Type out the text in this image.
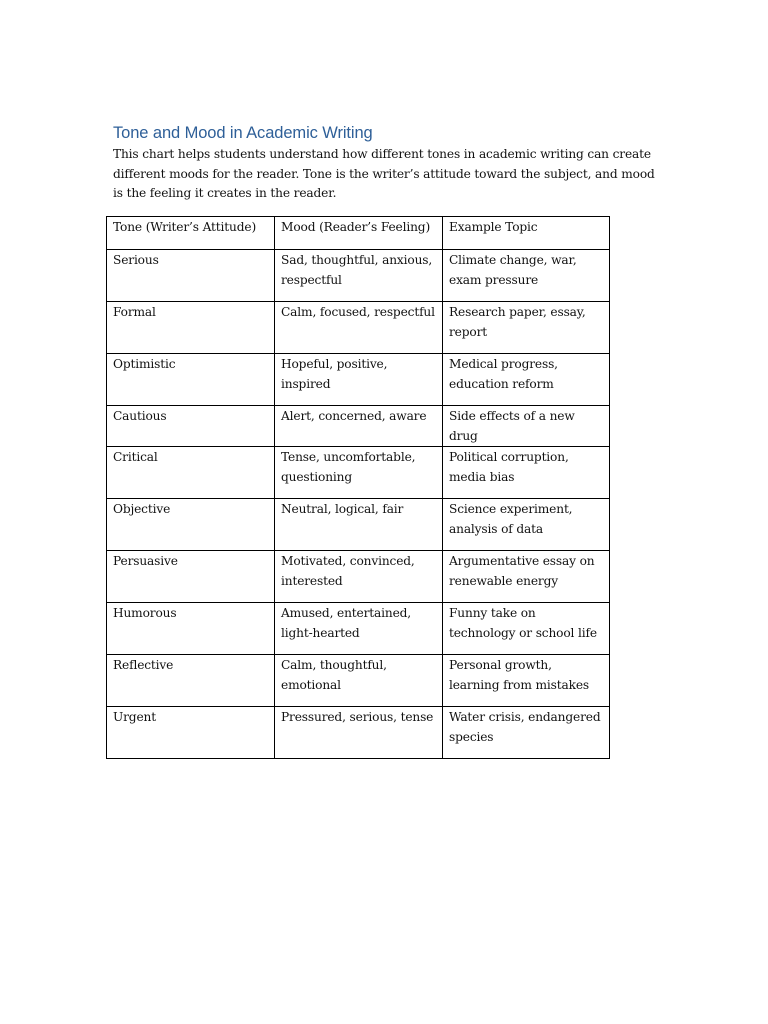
Tone and Mood in Academic Writing

This chart helps students understand how different tones in academic writing can create different moods for the reader. Tone is the writer’s attitude toward the subject, and mood is the feeling it creates in the reader.

Tone (Writer’s Attitude)	Mood (Reader’s Feeling)	Example Topic
Serious	Sad, thoughtful, anxious, respectful	Climate change, war, exam pressure
Formal	Calm, focused, respectful	Research paper, essay, report
Optimistic	Hopeful, positive, inspired	Medical progress, education reform
Cautious	Alert, concerned, aware	Side effects of a new drug
Critical	Tense, uncomfortable, questioning	Political corruption, media bias
Objective	Neutral, logical, fair	Science experiment, analysis of data
Persuasive	Motivated, convinced, interested	Argumentative essay on renewable energy
Humorous	Amused, entertained, light-hearted	Funny take on technology or school life
Reflective	Calm, thoughtful, emotional	Personal growth, learning from mistakes
Urgent	Pressured, serious, tense	Water crisis, endangered species
